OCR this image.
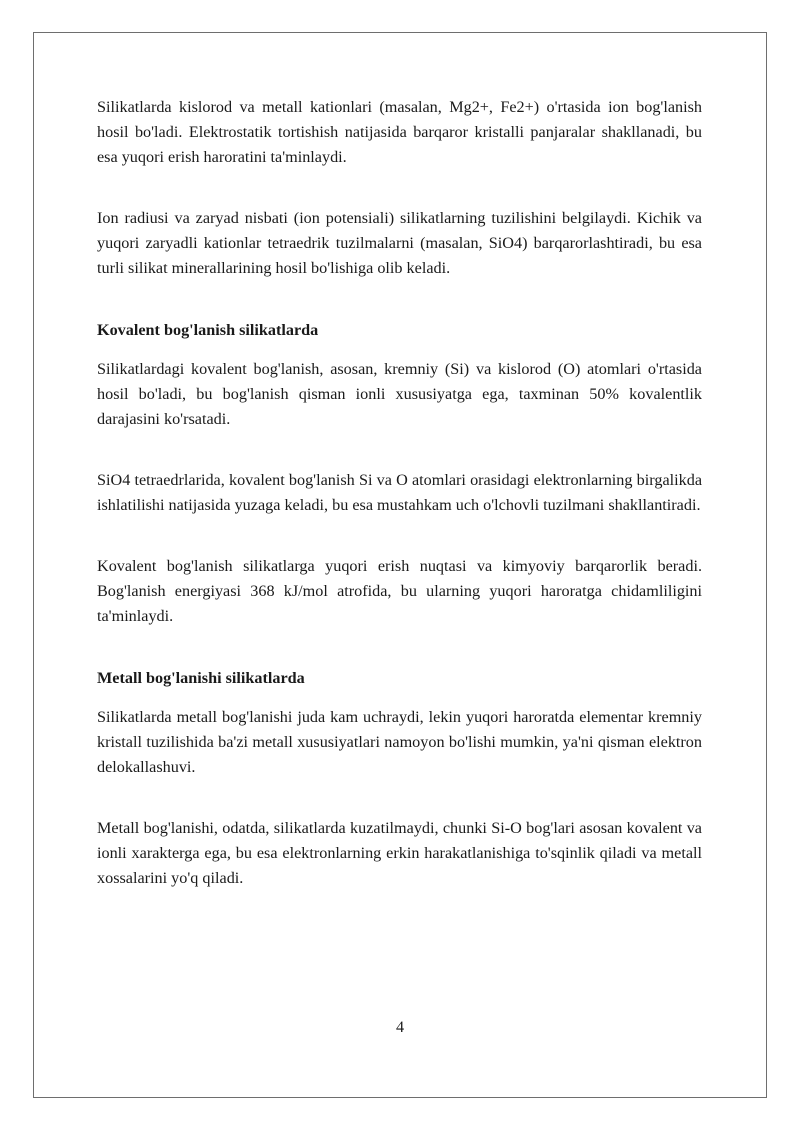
Silikatlarda kislorod va metall kationlari (masalan, Mg2+, Fe2+) o'rtasida ion bog'lanish hosil bo'ladi. Elektrostatik tortishish natijasida barqaror kristalli panjaralar shakllanadi, bu esa yuqori erish haroratini ta'minlaydi.

Ion radiusi va zaryad nisbati (ion potensiali) silikatlarning tuzilishini belgilaydi. Kichik va yuqori zaryadli kationlar tetraedrik tuzilmalarni (masalan, SiO4) barqarorlashtiradi, bu esa turli silikat minerallarining hosil bo'lishiga olib keladi.

Kovalent bog'lanish silikatlarda

Silikatlardagi kovalent bog'lanish, asosan, kremniy (Si) va kislorod (O) atomlari o'rtasida hosil bo'ladi, bu bog'lanish qisman ionli xususiyatga ega, taxminan 50% kovalentlik darajasini ko'rsatadi.

SiO4 tetraedrlarida, kovalent bog'lanish Si va O atomlari orasidagi elektronlarning birgalikda ishlatilishi natijasida yuzaga keladi, bu esa mustahkam uch o'lchovli tuzilmani shakllantiradi.

Kovalent bog'lanish silikatlarga yuqori erish nuqtasi va kimyoviy barqarorlik beradi. Bog'lanish energiyasi 368 kJ/mol atrofida, bu ularning yuqori haroratga chidamliligini ta'minlaydi.

Metall bog'lanishi silikatlarda

Silikatlarda metall bog'lanishi juda kam uchraydi, lekin yuqori haroratda elementar kremniy kristall tuzilishida ba'zi metall xususiyatlari namoyon bo'lishi mumkin, ya'ni qisman elektron delokallashuvi.

Metall bog'lanishi, odatda, silikatlarda kuzatilmaydi, chunki Si-O bog'lari asosan kovalent va ionli xarakterga ega, bu esa elektronlarning erkin harakatlanishiga to'sqinlik qiladi va metall xossalarini yo'q qiladi.

4
